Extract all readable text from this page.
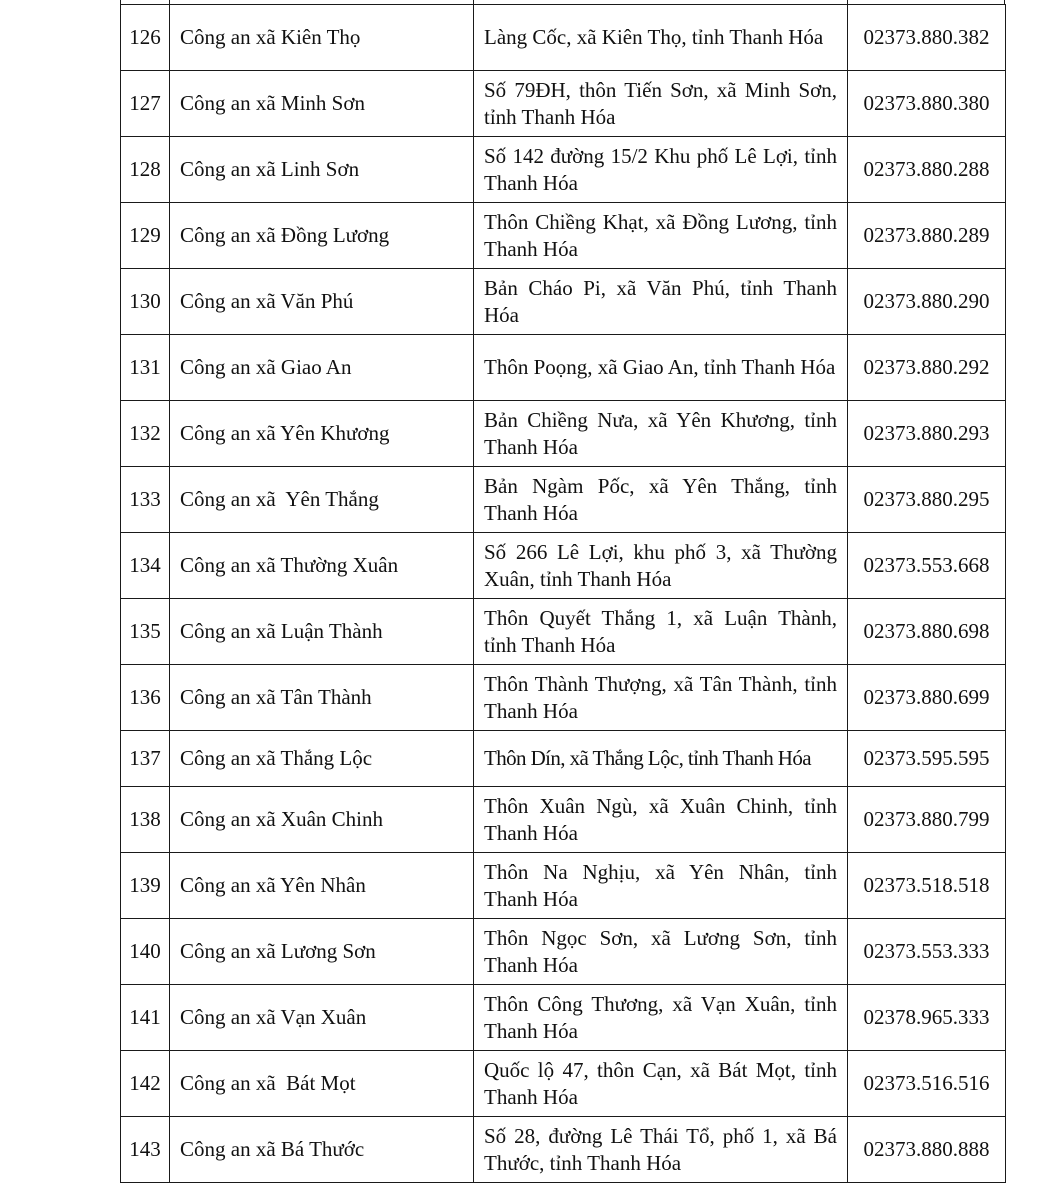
126	Công an xã Kiên Thọ	Làng Cốc, xã Kiên Thọ, tỉnh Thanh Hóa	02373.880.382
127	Công an xã Minh Sơn	Số 79ĐH, thôn Tiến Sơn, xã Minh Sơn, tỉnh Thanh Hóa	02373.880.380
128	Công an xã Linh Sơn	Số 142 đường 15/2 Khu phố Lê Lợi, tỉnh Thanh Hóa	02373.880.288
129	Công an xã Đồng Lương	Thôn Chiềng Khạt, xã Đồng Lương, tỉnh Thanh Hóa	02373.880.289
130	Công an xã Văn Phú	Bản Cháo Pi, xã Văn Phú, tỉnh Thanh Hóa	02373.880.290
131	Công an xã Giao An	Thôn Poọng, xã Giao An, tỉnh Thanh Hóa	02373.880.292
132	Công an xã Yên Khương	Bản Chiềng Nưa, xã Yên Khương, tỉnh Thanh Hóa	02373.880.293
133	Công an xã  Yên Thắng	Bản Ngàm Pốc, xã Yên Thắng, tỉnh Thanh Hóa	02373.880.295
134	Công an xã Thường Xuân	Số 266 Lê Lợi, khu phố 3, xã Thường Xuân, tỉnh Thanh Hóa	02373.553.668
135	Công an xã Luận Thành	Thôn Quyết Thắng 1, xã Luận Thành, tỉnh Thanh Hóa	02373.880.698
136	Công an xã Tân Thành	Thôn Thành Thượng, xã Tân Thành, tỉnh Thanh Hóa	02373.880.699
137	Công an xã Thắng Lộc	Thôn Dín, xã Thắng Lộc, tỉnh Thanh Hóa	02373.595.595
138	Công an xã Xuân Chinh	Thôn Xuân Ngù, xã Xuân Chinh, tỉnh Thanh Hóa	02373.880.799
139	Công an xã Yên Nhân	Thôn Na Nghịu, xã Yên Nhân, tỉnh Thanh Hóa	02373.518.518
140	Công an xã Lương Sơn	Thôn Ngọc Sơn, xã Lương Sơn, tỉnh Thanh Hóa	02373.553.333
141	Công an xã Vạn Xuân	Thôn Công Thương, xã Vạn Xuân, tỉnh Thanh Hóa	02378.965.333
142	Công an xã  Bát Mọt	Quốc lộ 47, thôn Cạn, xã Bát Mọt, tỉnh Thanh Hóa	02373.516.516
143	Công an xã Bá Thước	Số 28, đường Lê Thái Tổ, phố 1, xã Bá Thước, tỉnh Thanh Hóa	02373.880.888
